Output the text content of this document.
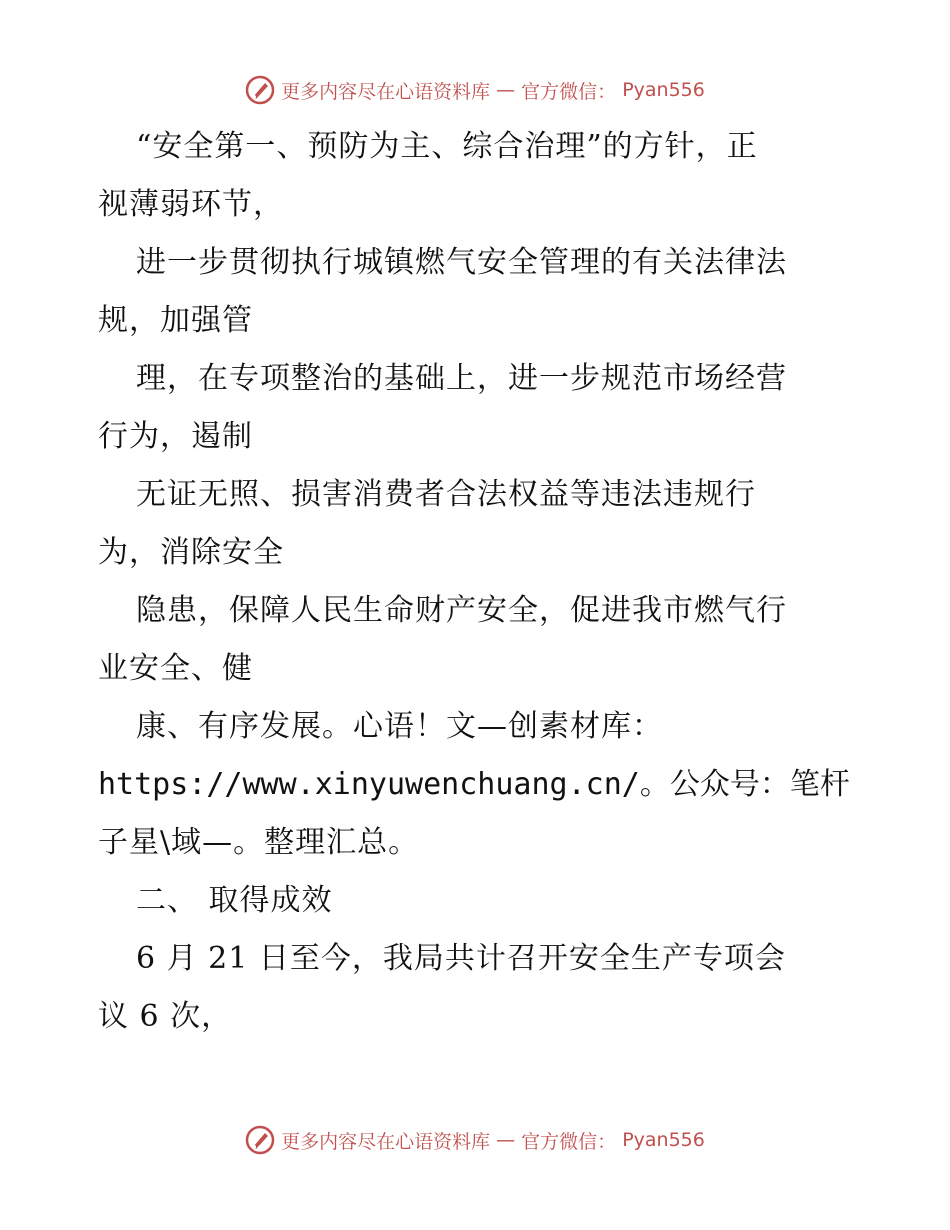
更多内容尽在心语资料库 — 官方微信： Pyan556
“安全第一、预防为主、综合治理”的方针，正
视薄弱环节，
进一步贯彻执行城镇燃气安全管理的有关法律法
规，加强管
理，在专项整治的基础上，进一步规范市场经营
行为，遏制
无证无照、损害消费者合法权益等违法违规行
为，消除安全
隐患，保障人民生命财产安全，促进我市燃气行
业安全、健
康、有序发展。心语！文—创素材库：
https://www.xinyuwenchuang.cn/。公众号：笔杆
子星\域—。整理汇总。
二、 取得成效
6 月 21 日至今，我局共计召开安全生产专项会
议 6 次，
更多内容尽在心语资料库 — 官方微信： Pyan556
